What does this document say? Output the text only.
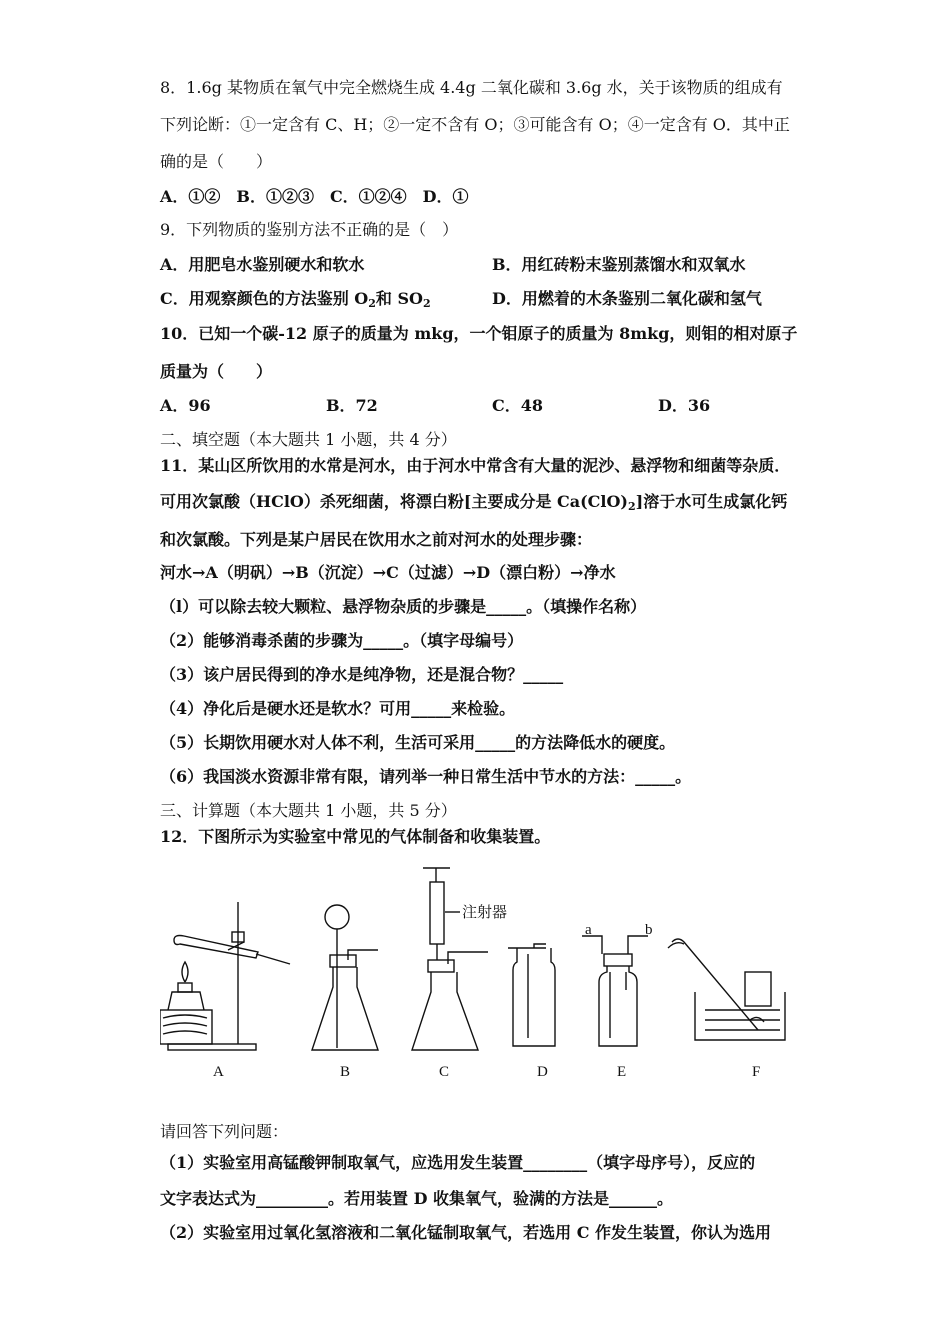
8．1.6g 某物质在氧气中完全燃烧生成 4.4g 二氧化碳和 3.6g 水，关于该物质的组成有
下列论断：①一定含有 C、H；②一定不含有 O；③可能含有 O；④一定含有 O．其中正
确的是（　　）
A．①②　B．①②③　C．①②④　D．①
9．下列物质的鉴别方法不正确的是（　）
A．用肥皂水鉴别硬水和软水	B．用红砖粉末鉴别蒸馏水和双氧水
C．用观察颜色的方法鉴别 $O_2$和 $SO_2$	D．用燃着的木条鉴别二氧化碳和氢气
10．已知一个碳-12 原子的质量为 mkg，一个钼原子的质量为 8mkg，则钼的相对原子
质量为（　　）
A．96	B．72	C．48	D．36
二、填空题（本大题共 1 小题，共 4 分）
11．某山区所饮用的水常是河水，由于河水中常含有大量的泥沙、悬浮物和细菌等杂质．
可用次氯酸（HClO）杀死细菌，将漂白粉[主要成分是 $Ca(ClO)_2$]溶于水可生成氯化钙
和次氯酸。下列是某户居民在饮用水之前对河水的处理步骤：
河水→A（明矾）→B（沉淀）→C（过滤）→D（漂白粉）→净水
（l）可以除去较大颗粒、悬浮物杂质的步骤是_____。（填操作名称）
（2）能够消毒杀菌的步骤为_____。（填字母编号）
（3）该户居民得到的净水是纯净物，还是混合物？_____
（4）净化后是硬水还是软水？可用_____来检验。
（5）长期饮用硬水对人体不利，生活可采用_____的方法降低水的硬度。
（6）我国淡水资源非常有限，请列举一种日常生活中节水的方法：_____。
三、计算题（本大题共 1 小题，共 5 分）
12．下图所示为实验室中常见的气体制备和收集装置。
注射器
a	b
A	B	C	D	E	F
请回答下列问题：
（1）实验室用高锰酸钾制取氧气，应选用发生装置________（填字母序号），反应的
文字表达式为_________。若用装置 D 收集氧气，验满的方法是______。
（2）实验室用过氧化氢溶液和二氧化锰制取氧气，若选用 C 作发生装置，你认为选用
